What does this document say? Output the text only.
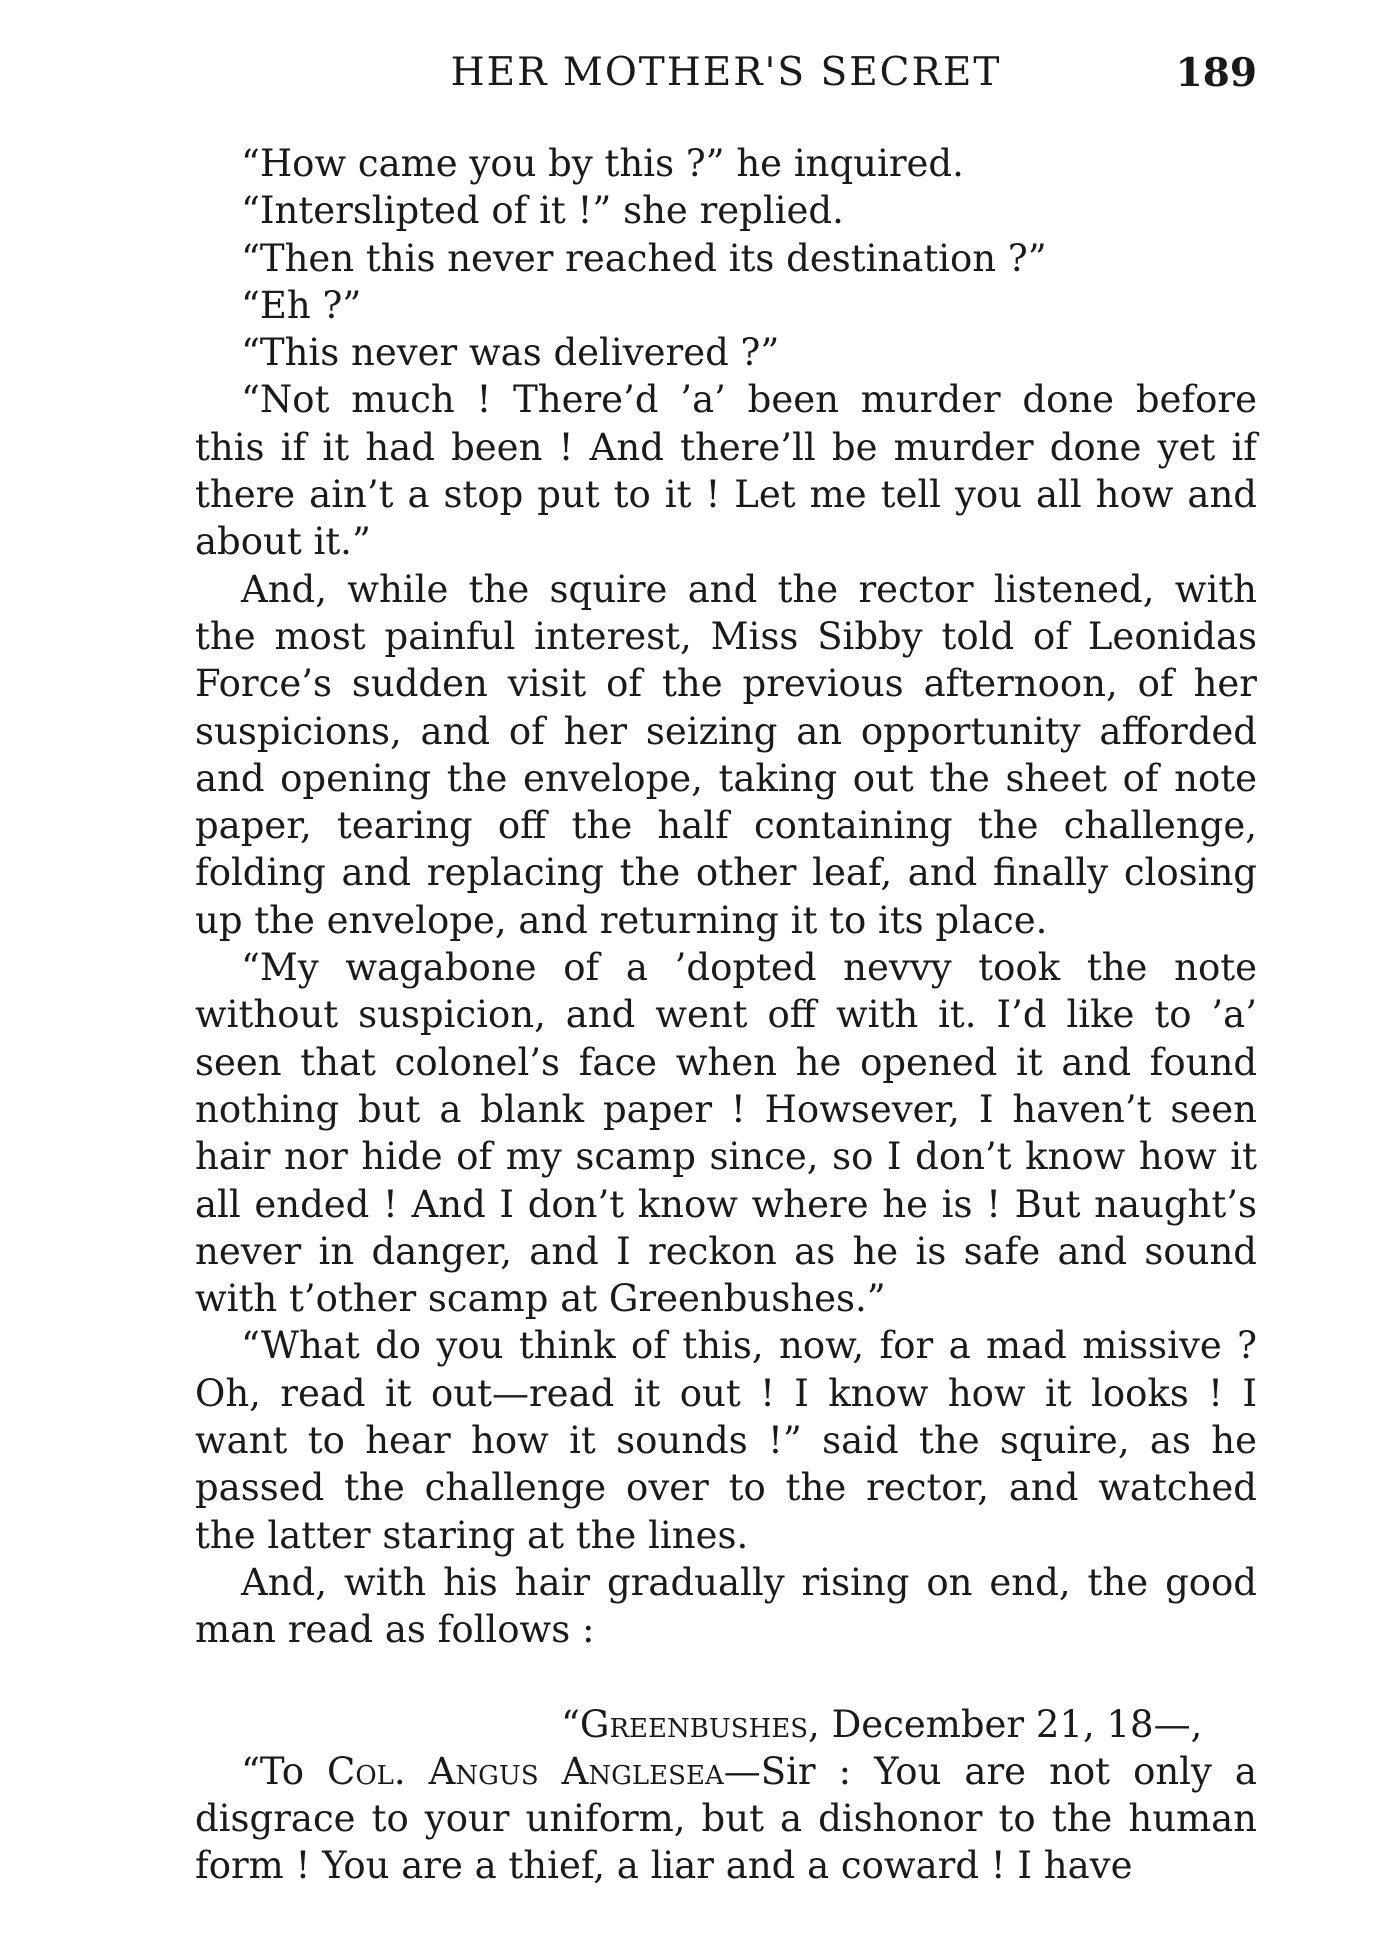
HER MOTHER'S SECRET	189

“How came you by this ?” he inquired.

“Interslipted of it !” she replied.

“Then this never reached its destination ?”

“Eh ?”

“This never was delivered ?”

“Not much ! There’d ’a’ been murder done before this if it had been ! And there’ll be murder done yet if there ain’t a stop put to it ! Let me tell you all how and about it.”

And, while the squire and the rector listened, with the most painful interest, Miss Sibby told of Leonidas Force’s sudden visit of the previous afternoon, of her suspicions, and of her seizing an opportunity afforded and opening the envelope, taking out the sheet of note paper, tearing off the half containing the challenge, folding and replacing the other leaf, and finally closing up the envelope, and returning it to its place.

“My wagabone of a ’dopted nevvy took the note without suspicion, and went off with it. I’d like to ’a’ seen that colonel’s face when he opened it and found nothing but a blank paper ! Howsever, I haven’t seen hair nor hide of my scamp since, so I don’t know how it all ended ! And I don’t know where he is ! But naught’s never in danger, and I reckon as he is safe and sound with t’other scamp at Greenbushes.”

“What do you think of this, now, for a mad missive ? Oh, read it out—read it out ! I know how it looks ! I want to hear how it sounds !” said the squire, as he passed the challenge over to the rector, and watched the latter staring at the lines.

And, with his hair gradually rising on end, the good man read as follows :

“Greenbushes, December 21, 18—,

“To Col. Angus Anglesea—Sir : You are not only a disgrace to your uniform, but a dishonor to the human form ! You are a thief, a liar and a coward ! I have
